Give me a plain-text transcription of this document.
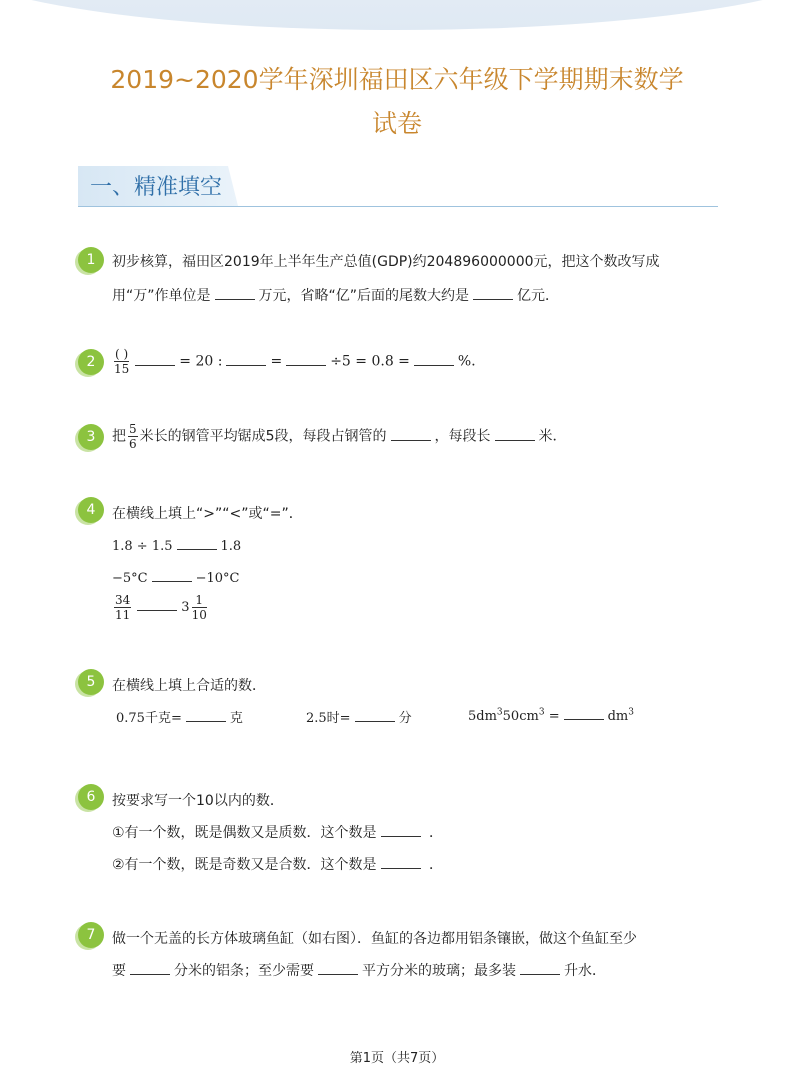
2019~2020学年深圳福田区六年级下学期期末数学
试卷
一、精准填空
1	初步核算，福田区2019年上半年生产总值(GDP)约204896000000元，把这个数改写成
用“万”作单位是	万元，省略“亿”后面的尾数大约是	亿元．
2	$\frac{( )}{15}$	= 20 :	=	÷5 = 0.8 =	%．
3	把 $\frac{5}{6}$ 米长的钢管平均锯成5段，每段占钢管的	，每段长	米．
4	在横线上填上“>”“<”或“=”．
1.8 ÷ 1.5	1.8
−5°C	−10°C
$\frac{34}{11}$	$3 \frac{1}{10}$
5	在横线上填上合适的数．
0.75千克=	克	2.5时=	分	$5dm^350cm^3$ =	$dm^3$
6	按要求写一个10以内的数．
①有一个数，既是偶数又是质数．这个数是	．
②有一个数，既是奇数又是合数．这个数是	．
7	做一个无盖的长方体玻璃鱼缸（如右图）．鱼缸的各边都用铝条镶嵌，做这个鱼缸至少
要	分米的铝条；至少需要	平方分米的玻璃；最多装	升水．
第1页（共7页）
